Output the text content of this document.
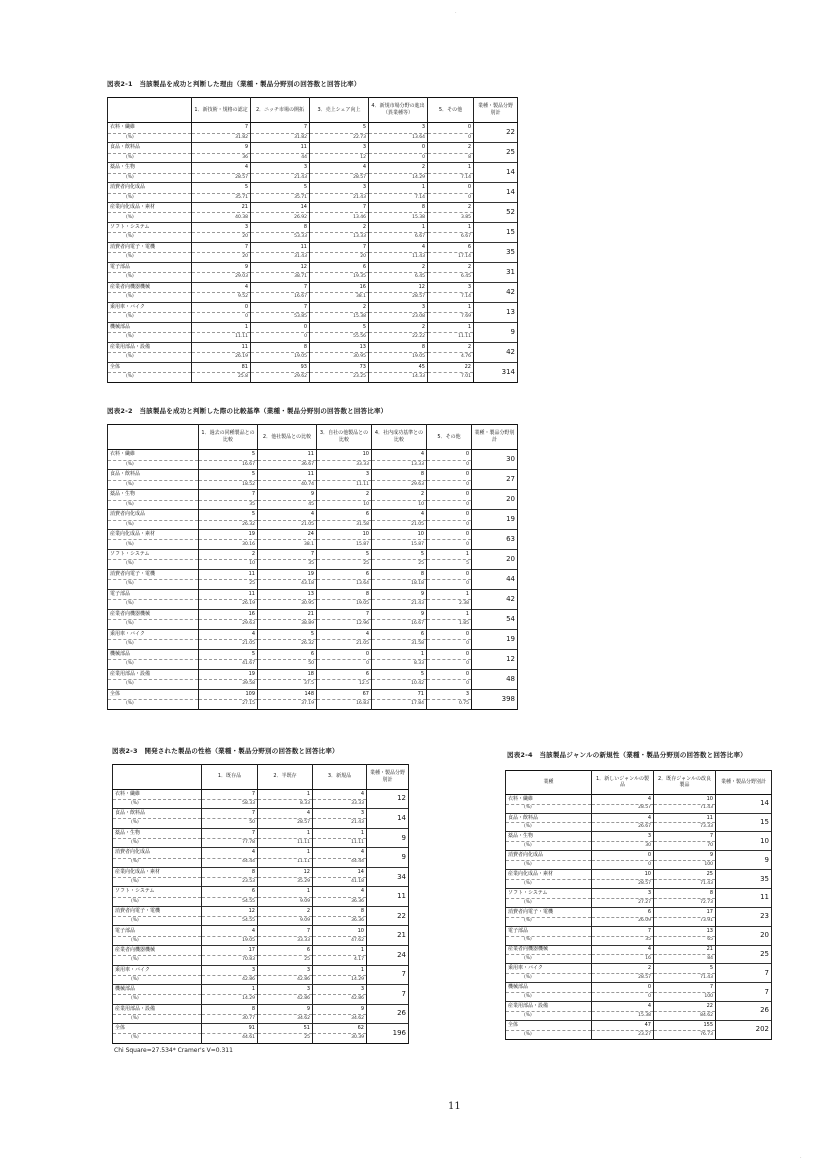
·
·
図表2-1　当該製品を成功と判断した理由（業種・製品分野別の回答数と回答比率）
	1．新技術・規格の認定	2．ニッチ市場の開拓	3．売上シェア向上	4．新規市場分野の進出（異業種等）	5．その他	業種・製品分野別計
衣料・繊維	7	7	5	3	0	22
(%)	31.82	31.82	22.73	13.64	0	
食品・飲料品	9	11	3	0	2	25
(%)	36	44	12	0	8	
薬品・生物	4	3	4	2	1	14
(%)	28.57	21.43	28.57	14.29	7.14	
消費者向化成品	5	5	3	1	0	14
(%)	35.71	35.71	21.43	7.14	0	
産業向化成品・素材	21	14	7	8	2	52
(%)	40.38	26.92	13.46	15.38	3.85	
ソフト・システム	3	8	2	1	1	15
(%)	20	53.33	13.33	6.67	6.67	
消費者向電子・電機	7	11	7	4	6	35
(%)	20	31.43	20	11.43	17.14	
電子部品	9	12	6	2	2	31
(%)	29.03	38.71	19.35	6.45	6.45	
産業者向機器機械	4	7	16	12	3	42
(%)	9.52	16.67	38.1	28.57	7.14	
乗用車・バイク	0	7	2	3	1	13
(%)	0	53.85	15.38	23.08	7.69	
機械部品	1	0	5	2	1	9
(%)	11.11	0	55.56	22.22	11.11	
産業用部品・設備	11	8	13	8	2	42
(%)	26.19	19.05	30.95	19.05	4.76	
全体	81	93	73	45	22	314
(%)	25.8	29.62	23.25	14.33	7.01	
図表2-2　当該製品を成功と判断した際の比較基準（業種・製品分野別の回答数と回答比率）
	1．過去の同種製品との比較	2．他社製品との比較	3．自社の他製品との比較	4．社内成功基準との比較	5．その他	業種・製品分野別計
衣料・繊維	5	11	10	4	0	30
(%)	16.67	36.67	33.33	13.33	0	
食品・飲料品	5	11	3	8	0	27
(%)	18.52	40.74	11.11	29.63	0	
薬品・生物	7	9	2	2	0	20
(%)	35	45	10	10	0	
消費者向化成品	5	4	6	4	0	19
(%)	26.32	21.05	31.58	21.05	0	
産業向化成品・素材	19	24	10	10	0	63
(%)	30.16	38.1	15.87	15.87	0	
ソフト・システム	2	7	5	5	1	20
(%)	10	35	25	25	5	
消費者向電子・電機	11	19	6	8	0	44
(%)	25	43.18	13.64	18.18	0	
電子部品	11	13	8	9	1	42
(%)	26.19	30.95	19.05	21.43	2.38	
産業者向機器機械	16	21	7	9	1	54
(%)	29.63	38.89	12.96	16.67	1.85	
乗用車・バイク	4	5	4	6	0	19
(%)	21.05	26.32	21.05	31.58	0	
機械部品	5	6	0	1	0	12
(%)	41.67	50	0	8.33	0	
産業用部品・設備	19	18	6	5	0	48
(%)	39.58	37.5	12.5	10.42	0	
全体	109	148	67	71	3	398
(%)	27.15	37.19	16.83	17.84	0.75	
図表2-3　開発された製品の性格（業種・製品分野別の回答数と回答比率）
	1．既存品	2．半既存	3．新規品	業種・製品分野別計
衣料・繊維	7	1	4	12
(%)	58.33	8.33	33.33	
食品・飲料品	7	4	3	14
(%)	50	28.57	21.43	
薬品・生物	7	1	1	9
(%)	77.78	11.11	11.11	
消費者向化成品	4	1	4	9
(%)	44.44	11.11	44.44	
産業向化成品・素材	8	12	14	34
(%)	23.53	35.29	41.18	
ソフト・システム	6	1	4	11
(%)	54.55	9.09	36.36	
消費者向電子・電機	12	2	8	22
(%)	54.55	9.09	36.36	
電子部品	4	7	10	21
(%)	19.05	33.33	47.62	
産業者向機器機械	17	6	1	24
(%)	70.83	25	4.17	
乗用車・バイク	3	3	1	7
(%)	42.86	42.86	14.29	
機械部品	1	3	3	7
(%)	14.29	42.86	42.86	
産業用部品・設備	8	9	9	26
(%)	30.77	34.62	34.62	
全体	91	51	62	196
(%)	44.61	25	30.39	
Chi Square=27.534* Cramer's V=0.311
図表2-4　当該製品ジャンルの新規性（業種・製品分野別の回答数と回答比率）
業種	1．新しいジャンルの製品	2．既存ジャンルの改良製品	業種・製品分野別計
衣料・繊維	4	10	14
(%)	28.57	71.43	
食品・飲料品	4	11	15
(%)	26.67	73.33	
薬品・生物	3	7	10
(%)	30	70	
消費者向化成品	0	9	9
(%)	0	100	
産業向化成品・素材	10	25	35
(%)	28.57	71.43	
ソフト・システム	3	8	11
(%)	27.27	72.73	
消費者向電子・電機	6	17	23
(%)	26.09	73.91	
電子部品	7	13	20
(%)	35	65	
産業者向機器機械	4	21	25
(%)	16	84	
乗用車・バイク	2	5	7
(%)	28.57	71.43	
機械部品	0	7	7
(%)	0	100	
産業用部品・設備	4	22	26
(%)	15.38	84.62	
全体	47	155	202
(%)	23.27	76.73	
11
